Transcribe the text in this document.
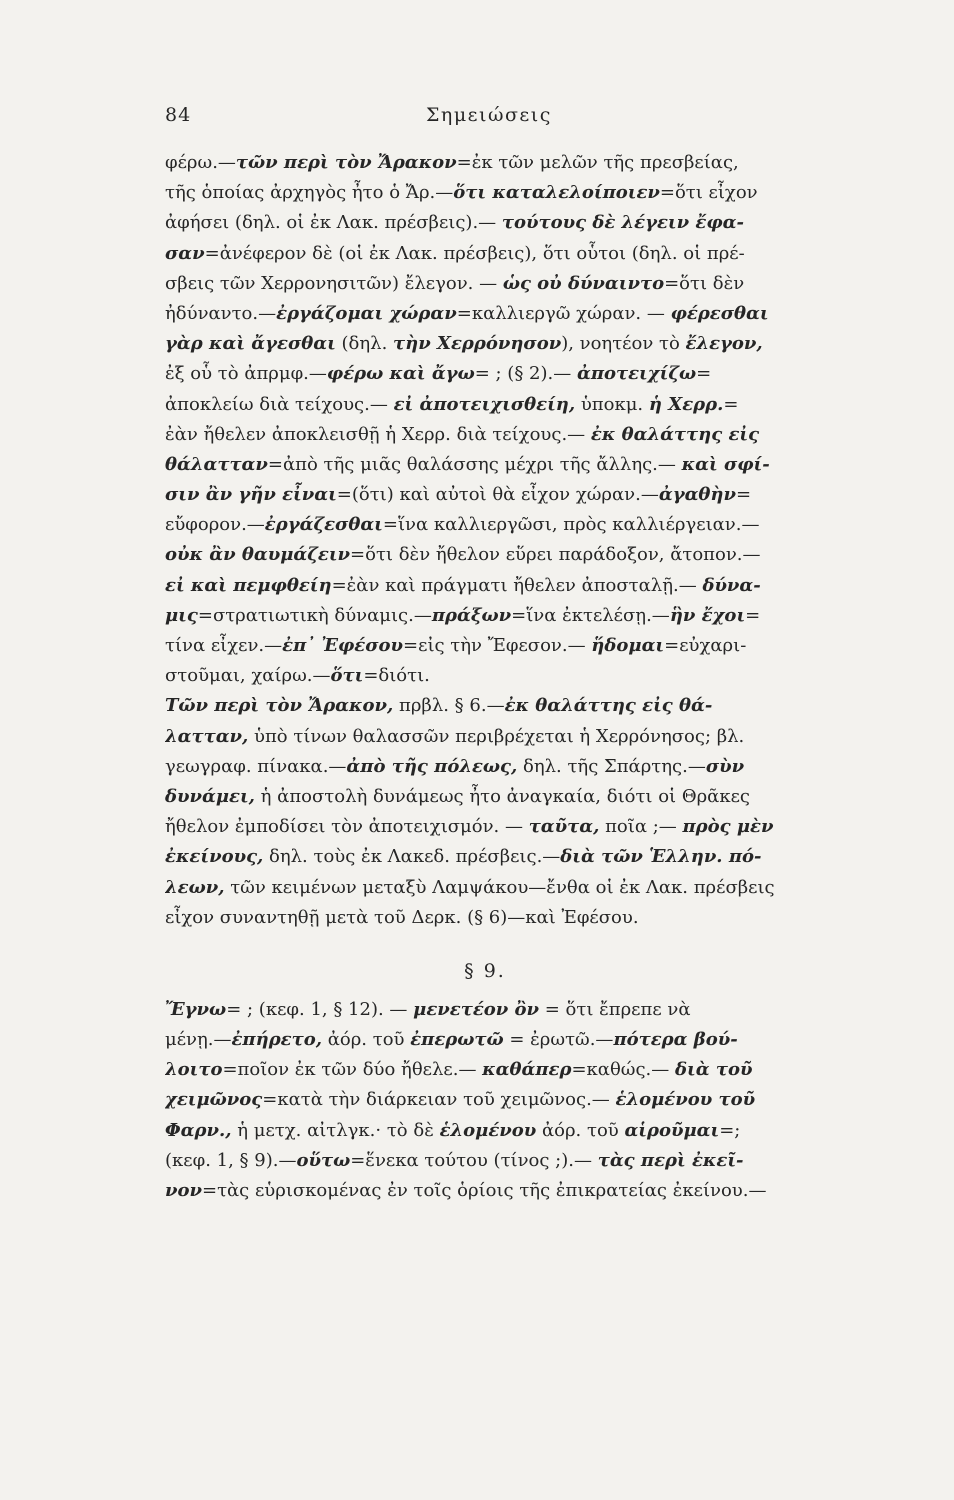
84	Σημειώσεις
φέρω.—τῶν περὶ τὸν Ἄρακον=ἐκ τῶν μελῶν τῆς πρεσβείας,
τῆς ὁποίας ἀρχηγὸς ἦτο ὁ Ἄρ.—ὅτι καταλελοίποιεν=ὅτι εἶχον
ἀφήσει (δηλ. οἱ ἐκ Λακ. πρέσβεις).— τούτους δὲ λέγειν ἔφα-
σαν=ἀνέφερον δὲ (οἱ ἐκ Λακ. πρέσβεις), ὅτι οὗτοι (δηλ. οἱ πρέ-
σβεις τῶν Χερρονησιτῶν) ἔλεγον. — ὡς οὐ δύναιντο=ὅτι δὲν
ἠδύναντο.—ἐργάζομαι χώραν=καλλιεργῶ χώραν. — φέρεσθαι
γὰρ καὶ ἄγεσθαι (δηλ. τὴν Χερρόνησον), νοητέον τὸ ἔλεγον,
ἐξ οὗ τὸ ἀπρμφ.—φέρω καὶ ἄγω= ; (§ 2).— ἀποτειχίζω=
ἀποκλείω διὰ τείχους.— εἰ ἀποτειχισθείη, ὑποκμ. ἡ Χερρ.=
ἐὰν ἤθελεν ἀποκλεισθῇ ἡ Χερρ. διὰ τείχους.— ἐκ θαλάττης εἰς
θάλατταν=ἀπὸ τῆς μιᾶς θαλάσσης μέχρι τῆς ἄλλης.— καὶ σφί-
σιν ἂν γῆν εἶναι=(ὅτι) καὶ αὐτοὶ θὰ εἶχον χώραν.—ἀγαθὴν=
εὔφορον.—ἐργάζεσθαι=ἵνα καλλιεργῶσι, πρὸς καλλιέργειαν.—
οὐκ ἂν θαυμάζειν=ὅτι δὲν ἤθελον εὕρει παράδοξον, ἄτοπον.—
εἰ καὶ πεμφθείη=ἐὰν καὶ πράγματι ἤθελεν ἀποσταλῇ.— δύνα-
μις=στρατιωτικὴ δύναμις.—πράξων=ἵνα ἐκτελέσῃ.—ἣν ἔχοι=
τίνα εἶχεν.—ἐπ᾽ Ἐφέσου=εἰς τὴν Ἔφεσον.— ἥδομαι=εὐχαρι-
στοῦμαι, χαίρω.—ὅτι=διότι.
Τῶν περὶ τὸν Ἄρακον, πρβλ. § 6.—ἐκ θαλάττης εἰς θά-
λατταν, ὑπὸ τίνων θαλασσῶν περιβρέχεται ἡ Χερρόνησος; βλ.
γεωγραφ. πίνακα.—ἀπὸ τῆς πόλεως, δηλ. τῆς Σπάρτης.—σὺν
δυνάμει, ἡ ἀποστολὴ δυνάμεως ἦτο ἀναγκαία, διότι οἱ Θρᾶκες
ἤθελον ἐμποδίσει τὸν ἀποτειχισμόν. — ταῦτα, ποῖα ;— πρὸς μὲν
ἐκείνους, δηλ. τοὺς ἐκ Λακεδ. πρέσβεις.—διὰ τῶν Ἑλλην. πό-
λεων, τῶν κειμένων μεταξὺ Λαμψάκου—ἔνθα οἱ ἐκ Λακ. πρέσβεις
εἶχον συναντηθῇ μετὰ τοῦ Δερκ. (§ 6)—καὶ Ἐφέσου.
§ 9.
Ἔγνω= ; (κεφ. 1, § 12). — μενετέον ὂν = ὅτι ἔπρεπε νὰ
μένῃ.—ἐπήρετο, ἀόρ. τοῦ ἐπερωτῶ = ἐρωτῶ.—πότερα βού-
λοιτο=ποῖον ἐκ τῶν δύο ἤθελε.— καθάπερ=καθώς.— διὰ τοῦ
χειμῶνος=κατὰ τὴν διάρκειαν τοῦ χειμῶνος.— ἑλομένου τοῦ
Φαρν., ἡ μετχ. αἰτλγκ.· τὸ δὲ ἑλομένου ἀόρ. τοῦ αἱροῦμαι=;
(κεφ. 1, § 9).—οὕτω=ἕνεκα τούτου (τίνος ;).— τὰς περὶ ἐκεῖ-
νον=τὰς εὑρισκομένας ἐν τοῖς ὁρίοις τῆς ἐπικρατείας ἐκείνου.—
